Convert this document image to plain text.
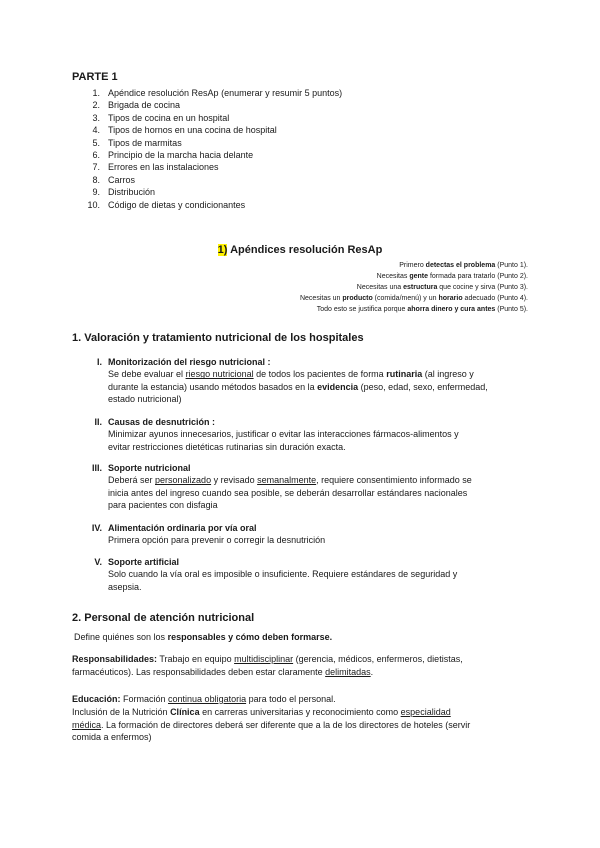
PARTE 1
1. Apéndice resolución ResAp (enumerar y resumir 5 puntos)
2. Brigada de cocina
3. Tipos de cocina en un hospital
4. Tipos de hornos en una cocina de hospital
5. Tipos de marmitas
6. Principio de la marcha hacia delante
7. Errores en las instalaciones
8. Carros
9. Distribución
10. Código de dietas y condicionantes
1) Apéndices resolución ResAp
Primero detectas el problema (Punto 1).
Necesitas gente formada para tratarlo (Punto 2).
Necesitas una estructura que cocine y sirva (Punto 3).
Necesitas un producto (comida/menú) y un horario adecuado (Punto 4).
Todo esto se justifica porque ahorra dinero y cura antes (Punto 5).
1. Valoración y tratamiento nutricional de los hospitales
I. Monitorización del riesgo nutricional :
Se debe evaluar el riesgo nutricional de todos los pacientes de forma rutinaria (al ingreso y
durante la estancia) usando métodos basados en la evidencia (peso, edad, sexo, enfermedad,
estado nutricional)
II. Causas de desnutrición :
Minimizar ayunos innecesarios, justificar o evitar las interacciones fármacos-alimentos y
evitar restricciones dietéticas rutinarias sin duración exacta.
III. Soporte nutricional
Deberá ser personalizado y revisado semanalmente, requiere consentimiento informado se
inicia antes del ingreso cuando sea posible, se deberán desarrollar estándares nacionales
para pacientes con disfagia
IV. Alimentación ordinaria por vía oral
Primera opción para prevenir o corregir la desnutrición
V. Soporte artificial
Solo cuando la vía oral es imposible o insuficiente. Requiere estándares de seguridad y
asepsia.
2. Personal de atención nutricional
Define quiénes son los responsables y cómo deben formarse.
Responsabilidades: Trabajo en equipo multidisciplinar (gerencia, médicos, enfermeros, dietistas,
farmacéuticos). Las responsabilidades deben estar claramente delimitadas.
Educación: Formación continua obligatoria para todo el personal.
Inclusión de la Nutrición Clínica en carreras universitarias y reconocimiento como especialidad
médica. La formación de directores deberá ser diferente que a la de los directores de hoteles (servir
comida a enfermos)
